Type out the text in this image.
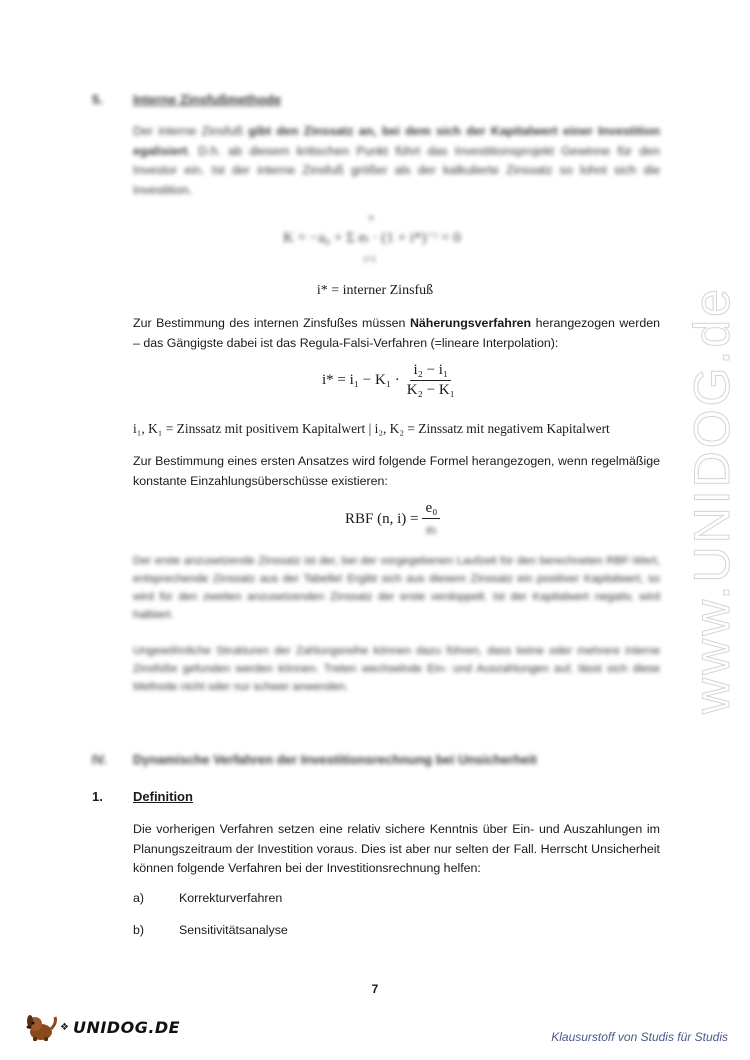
www.UNIDOG.de
5. Interne Zinsfußmethode
Der interne Zinsfuß gibt den Zinssatz an, bei dem sich der Kapitalwert einer Investition egalisiert. D.h. ab diesem kritischen Punkt führt das Investitionsprojekt Gewinne für den Investor ein. Ist der interne Zinsfuß größer als der kalkulierte Zinssatz so lohnt sich die Investition.
K = −a₀ + Σ eₜ · (1 + i*)⁻ᵗ = 0
n
t=1
i* = interner Zinsfuß
Zur Bestimmung des internen Zinsfußes müssen Näherungsverfahren herangezogen werden – das Gängigste dabei ist das Regula-Falsi-Verfahren (=lineare Interpolation):
$i* = i_1 - K_1 \cdot \frac{\text{i₂ − i₁}}{\text{K₂ − K₁}}$
i₁, K₁ = Zinssatz mit positivem Kapitalwert | i₂, K₂ = Zinssatz mit negativem Kapitalwert
Zur Bestimmung eines ersten Ansatzes wird folgende Formel herangezogen, wenn regelmäßige konstante Einzahlungsüberschüsse existieren:
RBF (n, $i) = \frac{\text{e₀}}{\text{eₜ}}$
Der erste anzusetzende Zinssatz ist der, bei der vorgegebenen Laufzeit für den berechneten RBF-Wert, entsprechende Zinssatz aus der Tabelle! Ergibt sich aus diesem Zinssatz ein positiver Kapitalwert, so wird für den zweiten anzusetzenden Zinssatz der erste verdoppelt. Ist der Kapitalwert negativ, wird halbiert.
Ungewöhnliche Strukturen der Zahlungsreihe können dazu führen, dass keine oder mehrere interne Zinsfüße gefunden werden können. Treten wechselnde Ein- und Auszahlungen auf, lässt sich diese Methode nicht oder nur schwer anwenden.
IV. Dynamische Verfahren der Investitionsrechnung bei Unsicherheit
1. Definition
Die vorherigen Verfahren setzen eine relativ sichere Kenntnis über Ein- und Auszahlungen im Planungszeitraum der Investition voraus. Dies ist aber nur selten der Fall. Herrscht Unsicherheit können folgende Verfahren bei der Investitionsrechnung helfen:
a)	Korrekturverfahren
b)	Sensitivitätsanalyse
7
❖ UNIDOG.DE
Klausurstoff von Studis für Studis
